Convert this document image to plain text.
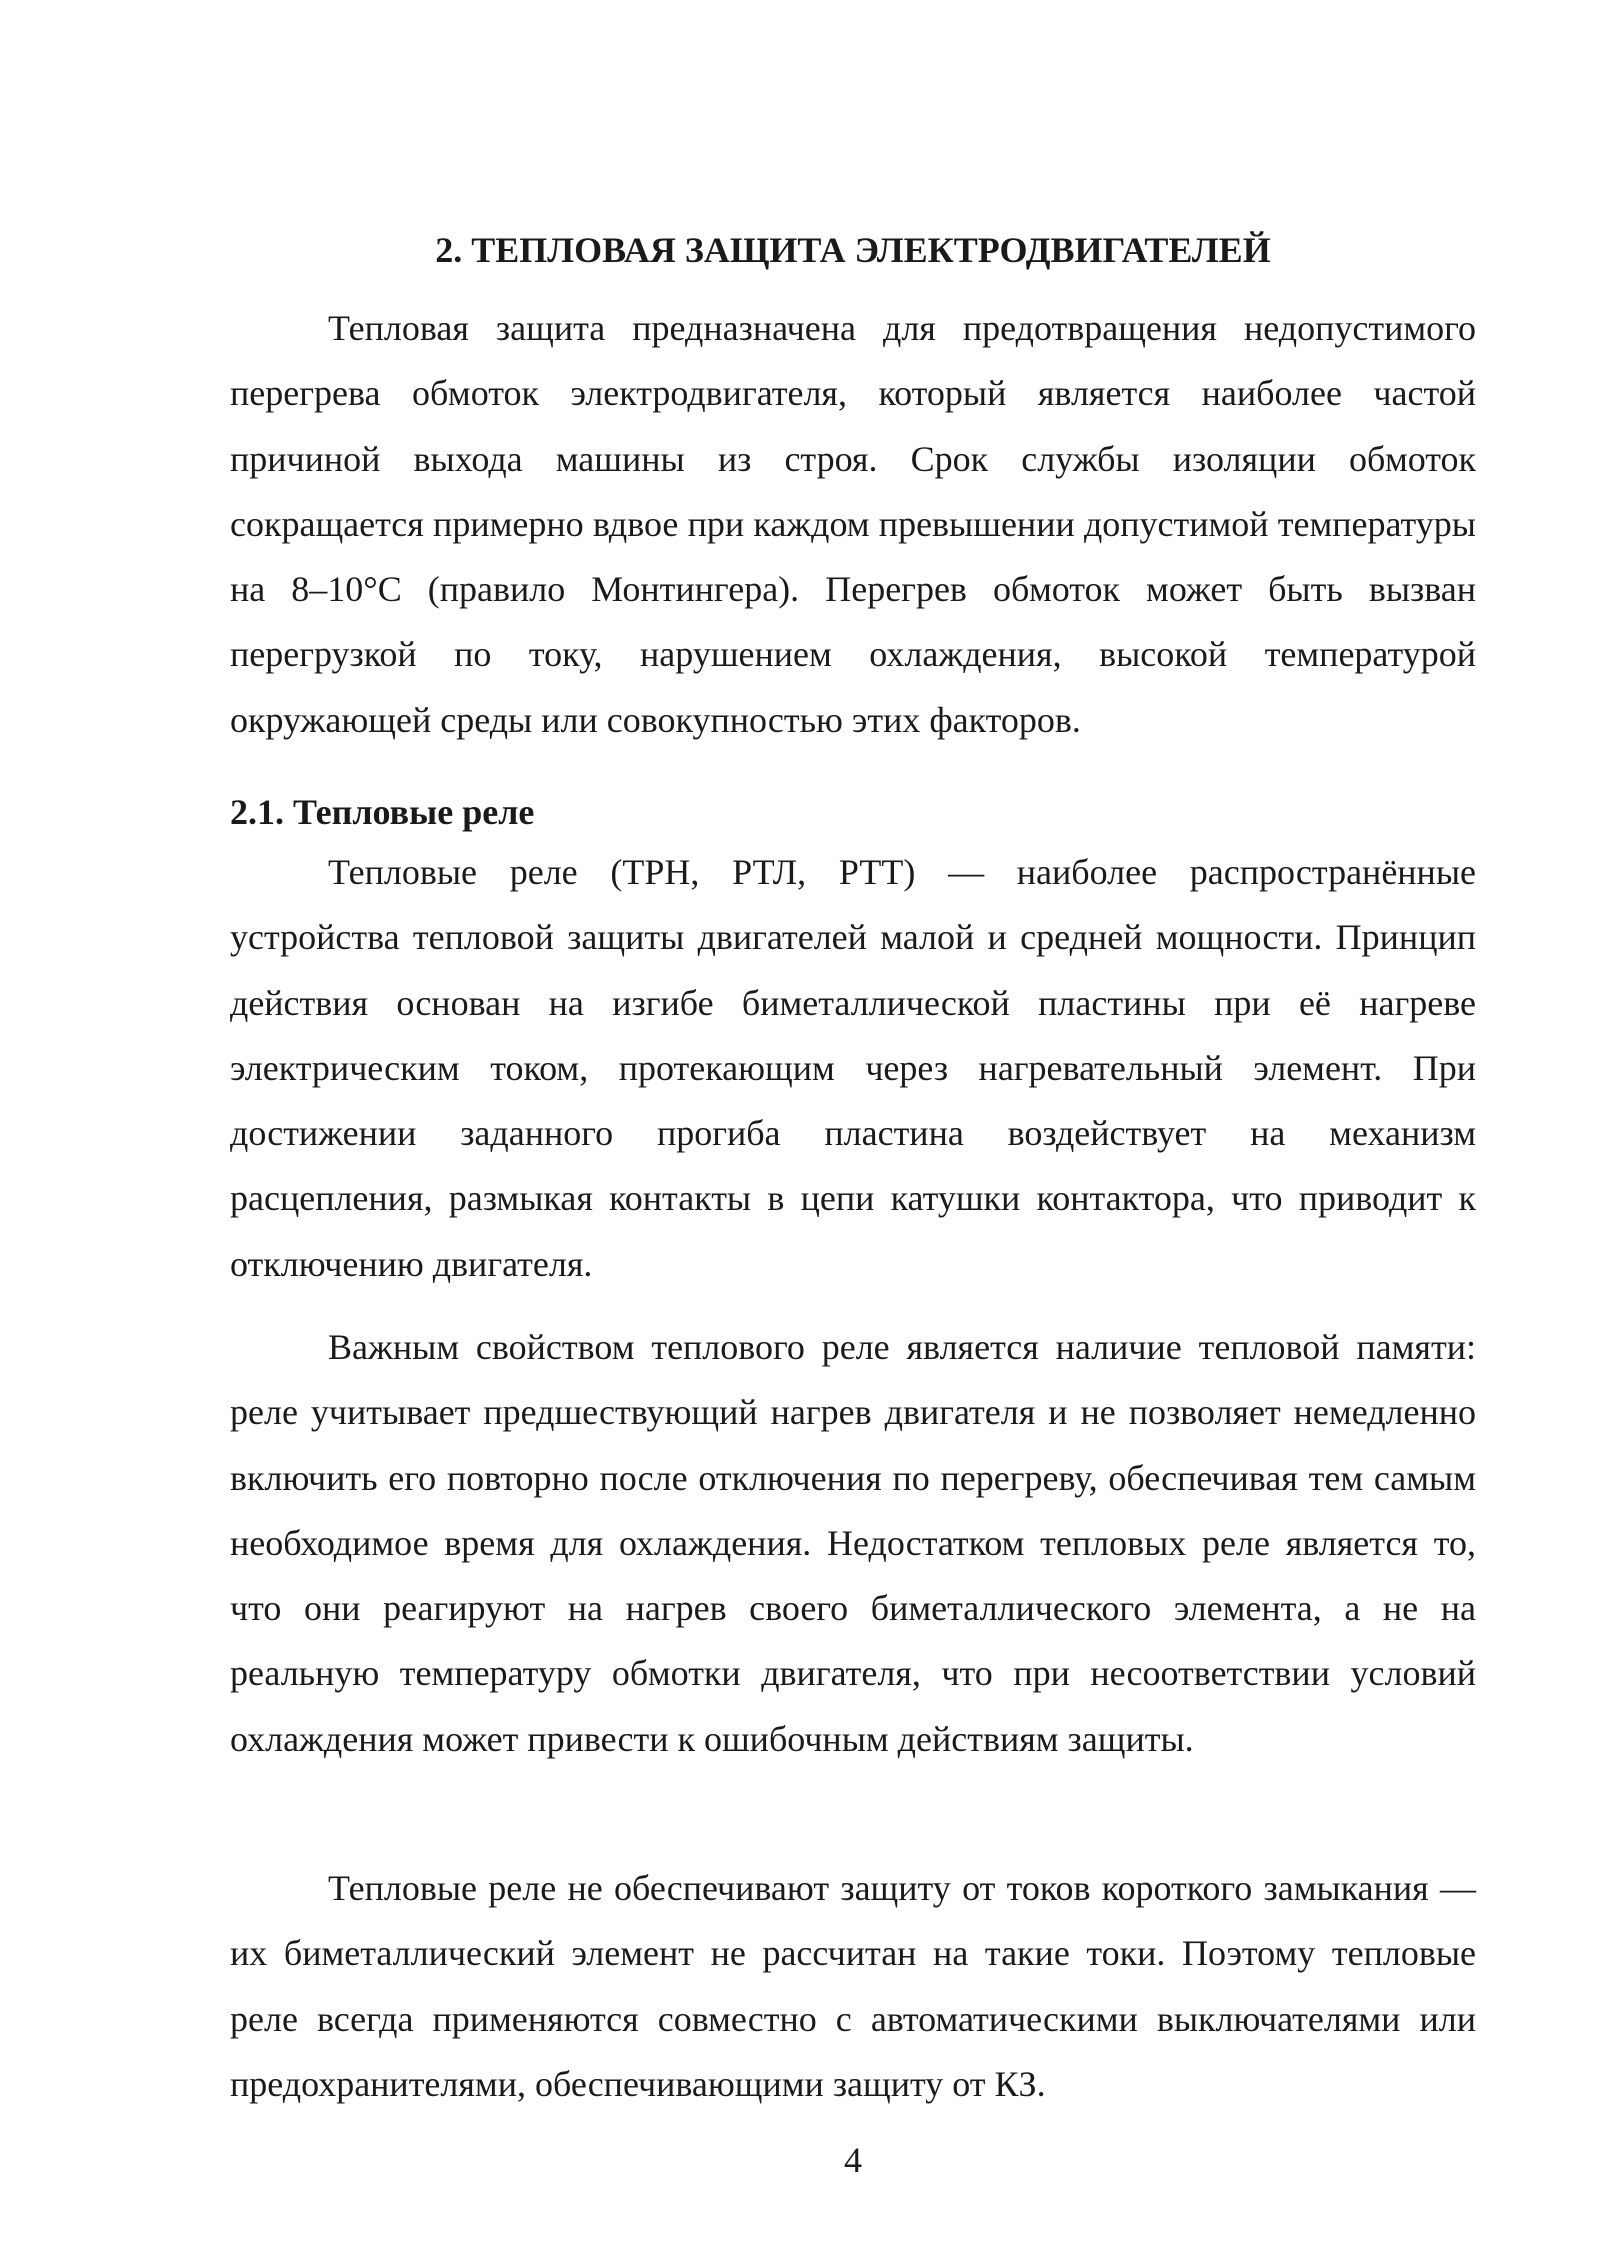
2. ТЕПЛОВАЯ ЗАЩИТА ЭЛЕКТРОДВИГАТЕЛЕЙ

Тепловая защита предназначена для предотвращения недопустимого перегрева обмоток электродвигателя, который является наиболее частой причиной выхода машины из строя. Срок службы изоляции обмоток сокращается примерно вдвое при каждом превышении допустимой температуры на 8–10°С (правило Монтингера). Перегрев обмоток может быть вызван перегрузкой по току, нарушением охлаждения, высокой температурой окружающей среды или совокупностью этих факторов.

2.1. Тепловые реле

Тепловые реле (ТРН, РТЛ, РТТ) — наиболее распространённые устройства тепловой защиты двигателей малой и средней мощности. Принцип действия основан на изгибе биметаллической пластины при её нагреве электрическим током, протекающим через нагревательный элемент. При достижении заданного прогиба пластина воздействует на механизм расцепления, размыкая контакты в цепи катушки контактора, что приводит к отключению двигателя.

Важным свойством теплового реле является наличие тепловой памяти: реле учитывает предшествующий нагрев двигателя и не позволяет немедленно включить его повторно после отключения по перегреву, обеспечивая тем самым необходимое время для охлаждения. Недостатком тепловых реле является то, что они реагируют на нагрев своего биметаллического элемента, а не на реальную температуру обмотки двигателя, что при несоответствии условий охлаждения может привести к ошибочным действиям защиты.

Тепловые реле не обеспечивают защиту от токов короткого замыкания — их биметаллический элемент не рассчитан на такие токи. Поэтому тепловые реле всегда применяются совместно с автоматическими выключателями или предохранителями, обеспечивающими защиту от КЗ.

4
